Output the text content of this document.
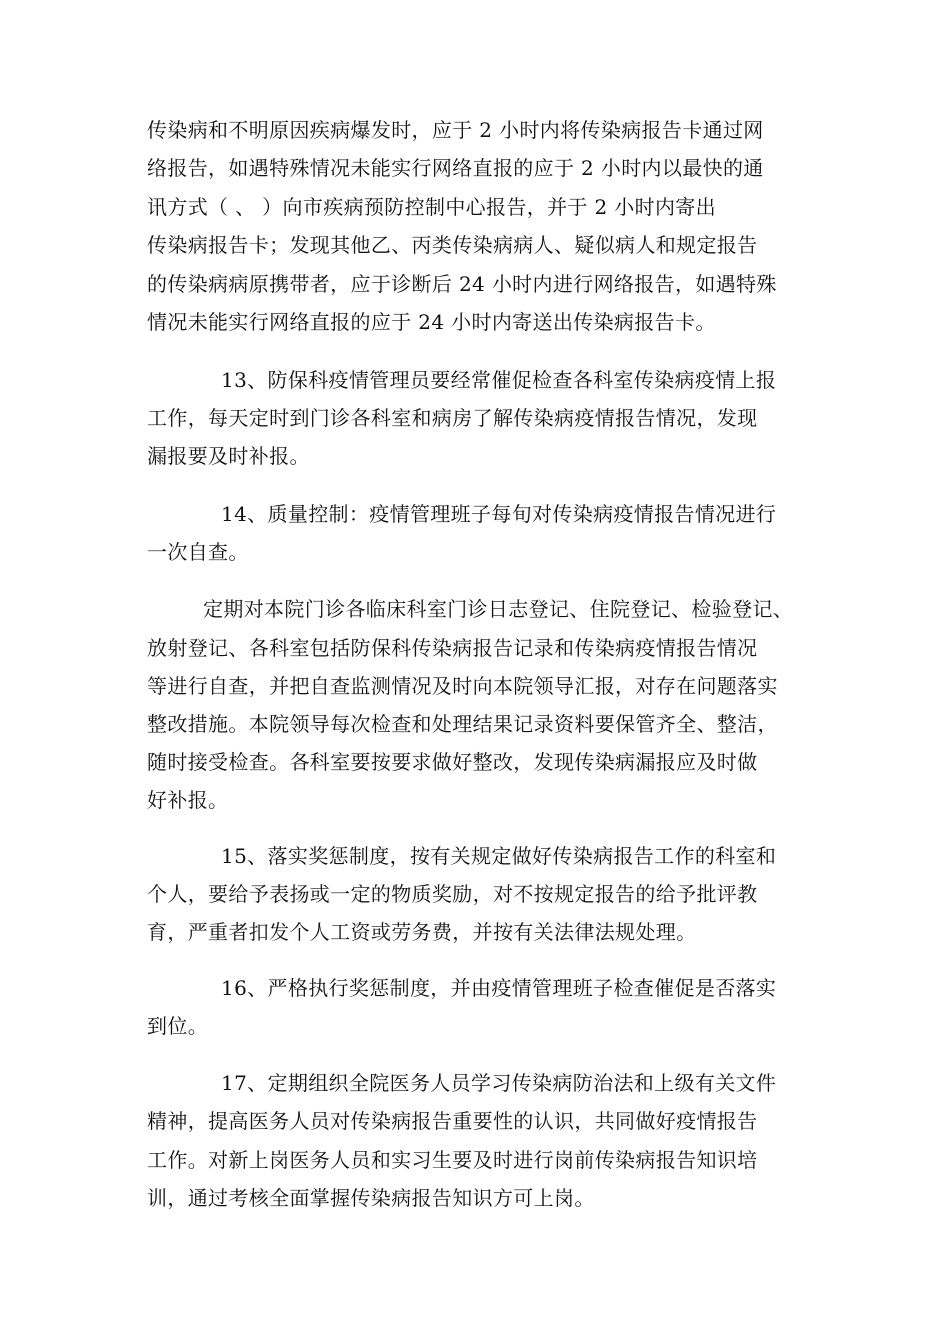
传染病和不明原因疾病爆发时，应于 2 小时内将传染病报告卡通过网
络报告，如遇特殊情况未能实行网络直报的应于 2 小时内以最快的通
讯方式（ 、 ）向市疾病预防控制中心报告，并于 2 小时内寄出
传染病报告卡；发现其他乙、丙类传染病病人、疑似病人和规定报告
的传染病病原携带者，应于诊断后 24 小时内进行网络报告，如遇特殊
情况未能实行网络直报的应于 24 小时内寄送出传染病报告卡。
13、防保科疫情管理员要经常催促检查各科室传染病疫情上报
工作，每天定时到门诊各科室和病房了解传染病疫情报告情况，发现
漏报要及时补报。
14、质量控制：疫情管理班子每旬对传染病疫情报告情况进行
一次自查。
定期对本院门诊各临床科室门诊日志登记、住院登记、检验登记、
放射登记、各科室包括防保科传染病报告记录和传染病疫情报告情况
等进行自查，并把自查监测情况及时向本院领导汇报，对存在问题落实
整改措施。本院领导每次检查和处理结果记录资料要保管齐全、整洁，
随时接受检查。各科室要按要求做好整改，发现传染病漏报应及时做
好补报。
15、落实奖惩制度，按有关规定做好传染病报告工作的科室和
个人，要给予表扬或一定的物质奖励，对不按规定报告的给予批评教
育，严重者扣发个人工资或劳务费，并按有关法律法规处理。
16、严格执行奖惩制度，并由疫情管理班子检查催促是否落实
到位。
17、定期组织全院医务人员学习传染病防治法和上级有关文件
精神，提高医务人员对传染病报告重要性的认识，共同做好疫情报告
工作。对新上岗医务人员和实习生要及时进行岗前传染病报告知识培
训，通过考核全面掌握传染病报告知识方可上岗。
